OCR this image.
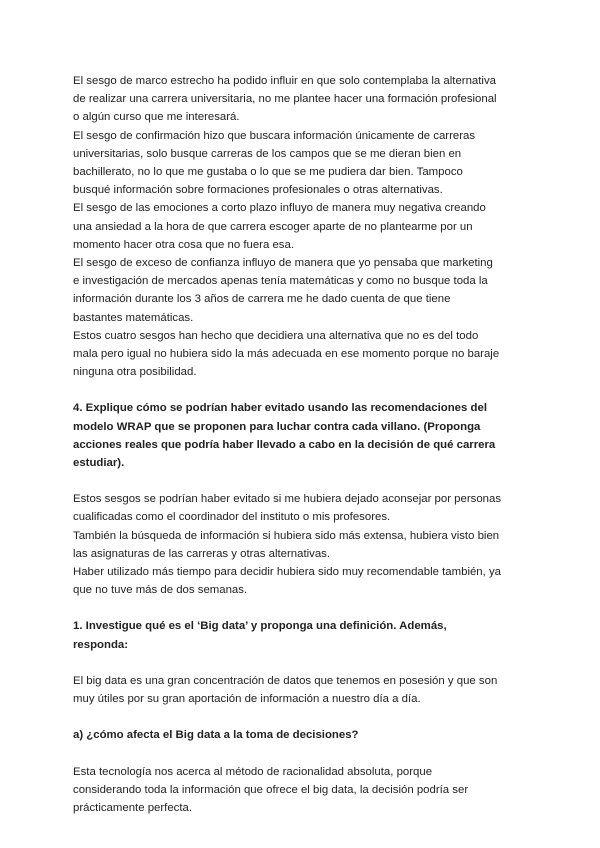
El sesgo de marco estrecho ha podido influir en que solo contemplaba la alternativa
de realizar una carrera universitaria, no me plantee hacer una formación profesional
o algún curso que me interesará.
El sesgo de confirmación hizo que buscara información únicamente de carreras
universitarias, solo busque carreras de los campos que se me dieran bien en
bachillerato, no lo que me gustaba o lo que se me pudiera dar bien. Tampoco
busqué información sobre formaciones profesionales o otras alternativas.
El sesgo de las emociones a corto plazo influyo de manera muy negativa creando
una ansiedad a la hora de que carrera escoger aparte de no plantearme por un
momento hacer otra cosa que no fuera esa.
El sesgo de exceso de confianza influyo de manera que yo pensaba que marketing
e investigación de mercados apenas tenía matemáticas y como no busque toda la
información durante los 3 años de carrera me he dado cuenta de que tiene
bastantes matemáticas.
Estos cuatro sesgos han hecho que decidiera una alternativa que no es del todo
mala pero igual no hubiera sido la más adecuada en ese momento porque no baraje
ninguna otra posibilidad.
4. Explique cómo se podrían haber evitado usando las recomendaciones del
modelo WRAP que se proponen para luchar contra cada villano. (Proponga
acciones reales que podría haber llevado a cabo en la decisión de qué carrera
estudiar).
Estos sesgos se podrían haber evitado si me hubiera dejado aconsejar por personas
cualificadas como el coordinador del instituto o mis profesores.
También la búsqueda de información si hubiera sido más extensa, hubiera visto bien
las asignaturas de las carreras y otras alternativas.
Haber utilizado más tiempo para decidir hubiera sido muy recomendable también, ya
que no tuve más de dos semanas.
1. Investigue qué es el ‘Big data’ y proponga una definición. Además,
responda:
El big data es una gran concentración de datos que tenemos en posesión y que son
muy útiles por su gran aportación de información a nuestro día a día.
a) ¿cómo afecta el Big data a la toma de decisiones?
Esta tecnología nos acerca al método de racionalidad absoluta, porque
considerando toda la información que ofrece el big data, la decisión podría ser
prácticamente perfecta.
